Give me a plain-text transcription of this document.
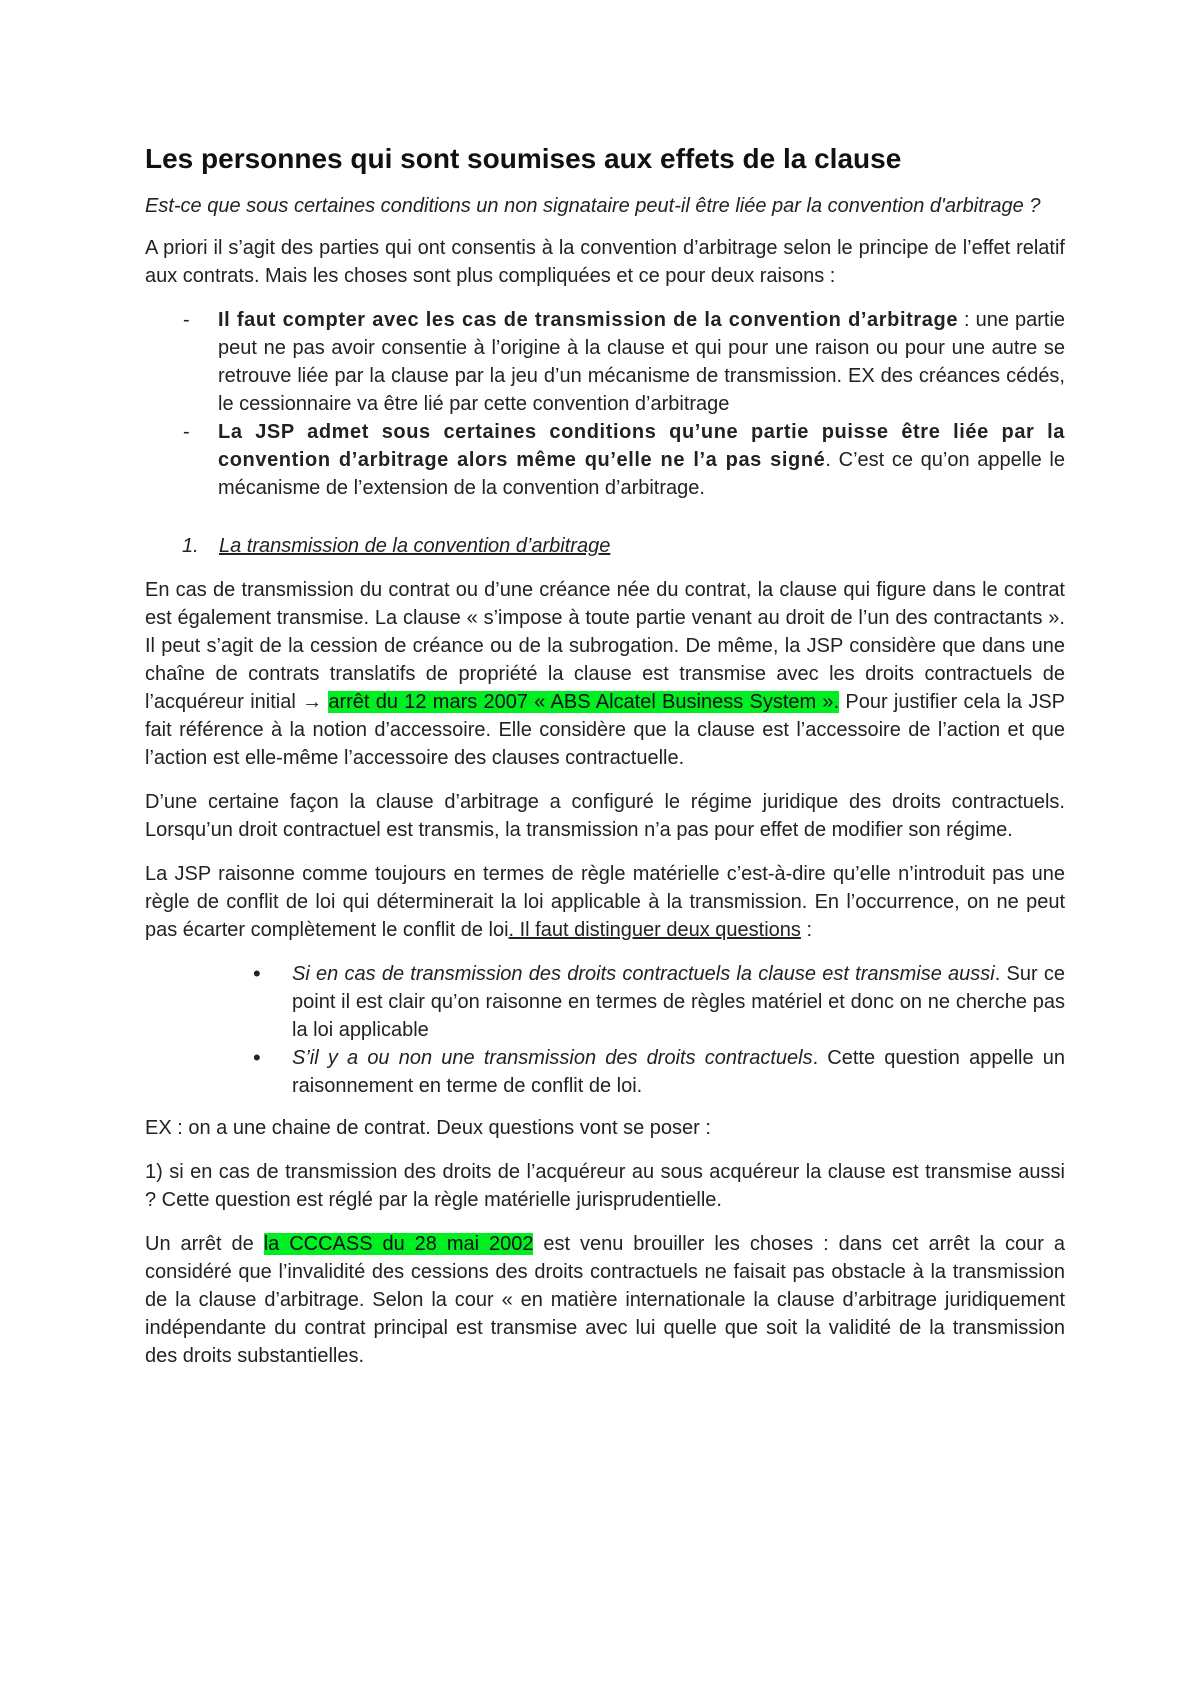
Les personnes qui sont soumises aux effets de la clause

Est-ce que sous certaines conditions un non signataire peut-il être liée par la convention d'arbitrage ?

A priori il s’agit des parties qui ont consentis à la convention d’arbitrage selon le principe de l’effet relatif aux contrats. Mais les choses sont plus compliquées et ce pour deux raisons :

- Il faut compter avec les cas de transmission de la convention d’arbitrage : une partie peut ne pas avoir consentie à l’origine à la clause et qui pour une raison ou pour une autre se retrouve liée par la clause par la jeu d’un mécanisme de transmission. EX des créances cédés, le cessionnaire va être lié par cette convention d’arbitrage
- La JSP admet sous certaines conditions qu’une partie puisse être liée par la convention d’arbitrage alors même qu’elle ne l’a pas signé. C’est ce qu’on appelle le mécanisme de l’extension de la convention d’arbitrage.

1. La transmission de la convention d’arbitrage

En cas de transmission du contrat ou d’une créance née du contrat, la clause qui figure dans le contrat est également transmise. La clause « s’impose à toute partie venant au droit de l’un des contractants ». Il peut s’agit de la cession de créance ou de la subrogation. De même, la JSP considère que dans une chaîne de contrats translatifs de propriété la clause est transmise avec les droits contractuels de l’acquéreur initial → arrêt du 12 mars 2007 « ABS Alcatel Business System ». Pour justifier cela la JSP fait référence à la notion d’accessoire. Elle considère que la clause est l’accessoire de l’action et que l’action est elle-même l’accessoire des clauses contractuelle.

D’une certaine façon la clause d’arbitrage a configuré le régime juridique des droits contractuels. Lorsqu’un droit contractuel est transmis, la transmission n’a pas pour effet de modifier son régime.

La JSP raisonne comme toujours en termes de règle matérielle c’est-à-dire qu’elle n’introduit pas une règle de conflit de loi qui déterminerait la loi applicable à la transmission. En l’occurrence, on ne peut pas écarter complètement le conflit de loi. Il faut distinguer deux questions :

• Si en cas de transmission des droits contractuels la clause est transmise aussi. Sur ce point il est clair qu’on raisonne en termes de règles matériel et donc on ne cherche pas la loi applicable
• S’il y a ou non une transmission des droits contractuels. Cette question appelle un raisonnement en terme de conflit de loi.

EX : on a une chaine de contrat. Deux questions vont se poser :

1) si en cas de transmission des droits de l’acquéreur au sous acquéreur la clause est transmise aussi ? Cette question est réglé par la règle matérielle jurisprudentielle.

Un arrêt de la CCCASS du 28 mai 2002 est venu brouiller les choses : dans cet arrêt la cour a considéré que l’invalidité des cessions des droits contractuels ne faisait pas obstacle à la transmission de la clause d’arbitrage. Selon la cour « en matière internationale la clause d’arbitrage juridiquement indépendante du contrat principal est transmise avec lui quelle que soit la validité de la transmission des droits substantielles.
